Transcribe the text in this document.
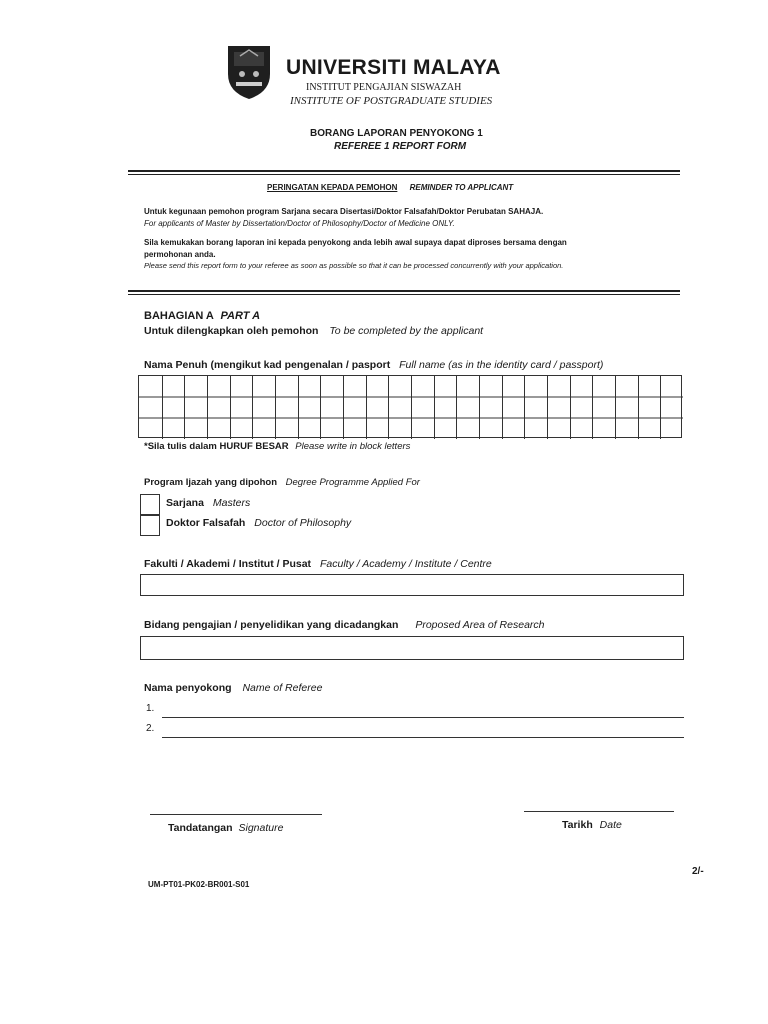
UNIVERSITI MALAYA
INSTITUT PENGAJIAN SISWAZAH
INSTITUTE OF POSTGRADUATE STUDIES
BORANG LAPORAN PENYOKONG 1
REFEREE 1 REPORT FORM
PERINGATAN KEPADA PEMOHON REMINDER TO APPLICANT
Untuk kegunaan pemohon program Sarjana secara Disertasi/Doktor Falsafah/Doktor Perubatan SAHAJA.
For applicants of Master by Dissertation/Doctor of Philosophy/Doctor of Medicine ONLY.
Sila kemukakan borang laporan ini kepada penyokong anda lebih awal supaya dapat diproses bersama dengan
permohonan anda.
Please send this report form to your referee as soon as possible so that it can be processed concurrently with your application.
BAHAGIAN A PART A
Untuk dilengkapkan oleh pemohon To be completed by the applicant
Nama Penuh (mengikut kad pengenalan / pasport Full name (as in the identity card / passport)
*Sila tulis dalam HURUF BESAR Please write in block letters
Program Ijazah yang dipohon Degree Programme Applied For
Sarjana Masters
Doktor Falsafah Doctor of Philosophy
Fakulti / Akademi / Institut / Pusat Faculty / Academy / Institute / Centre
Bidang pengajian / penyelidikan yang dicadangkan Proposed Area of Research
Nama penyokong Name of Referee
1.
2.
Tandatangan Signature	Tarikh Date
2/-
UM-PT01-PK02-BR001-S01
